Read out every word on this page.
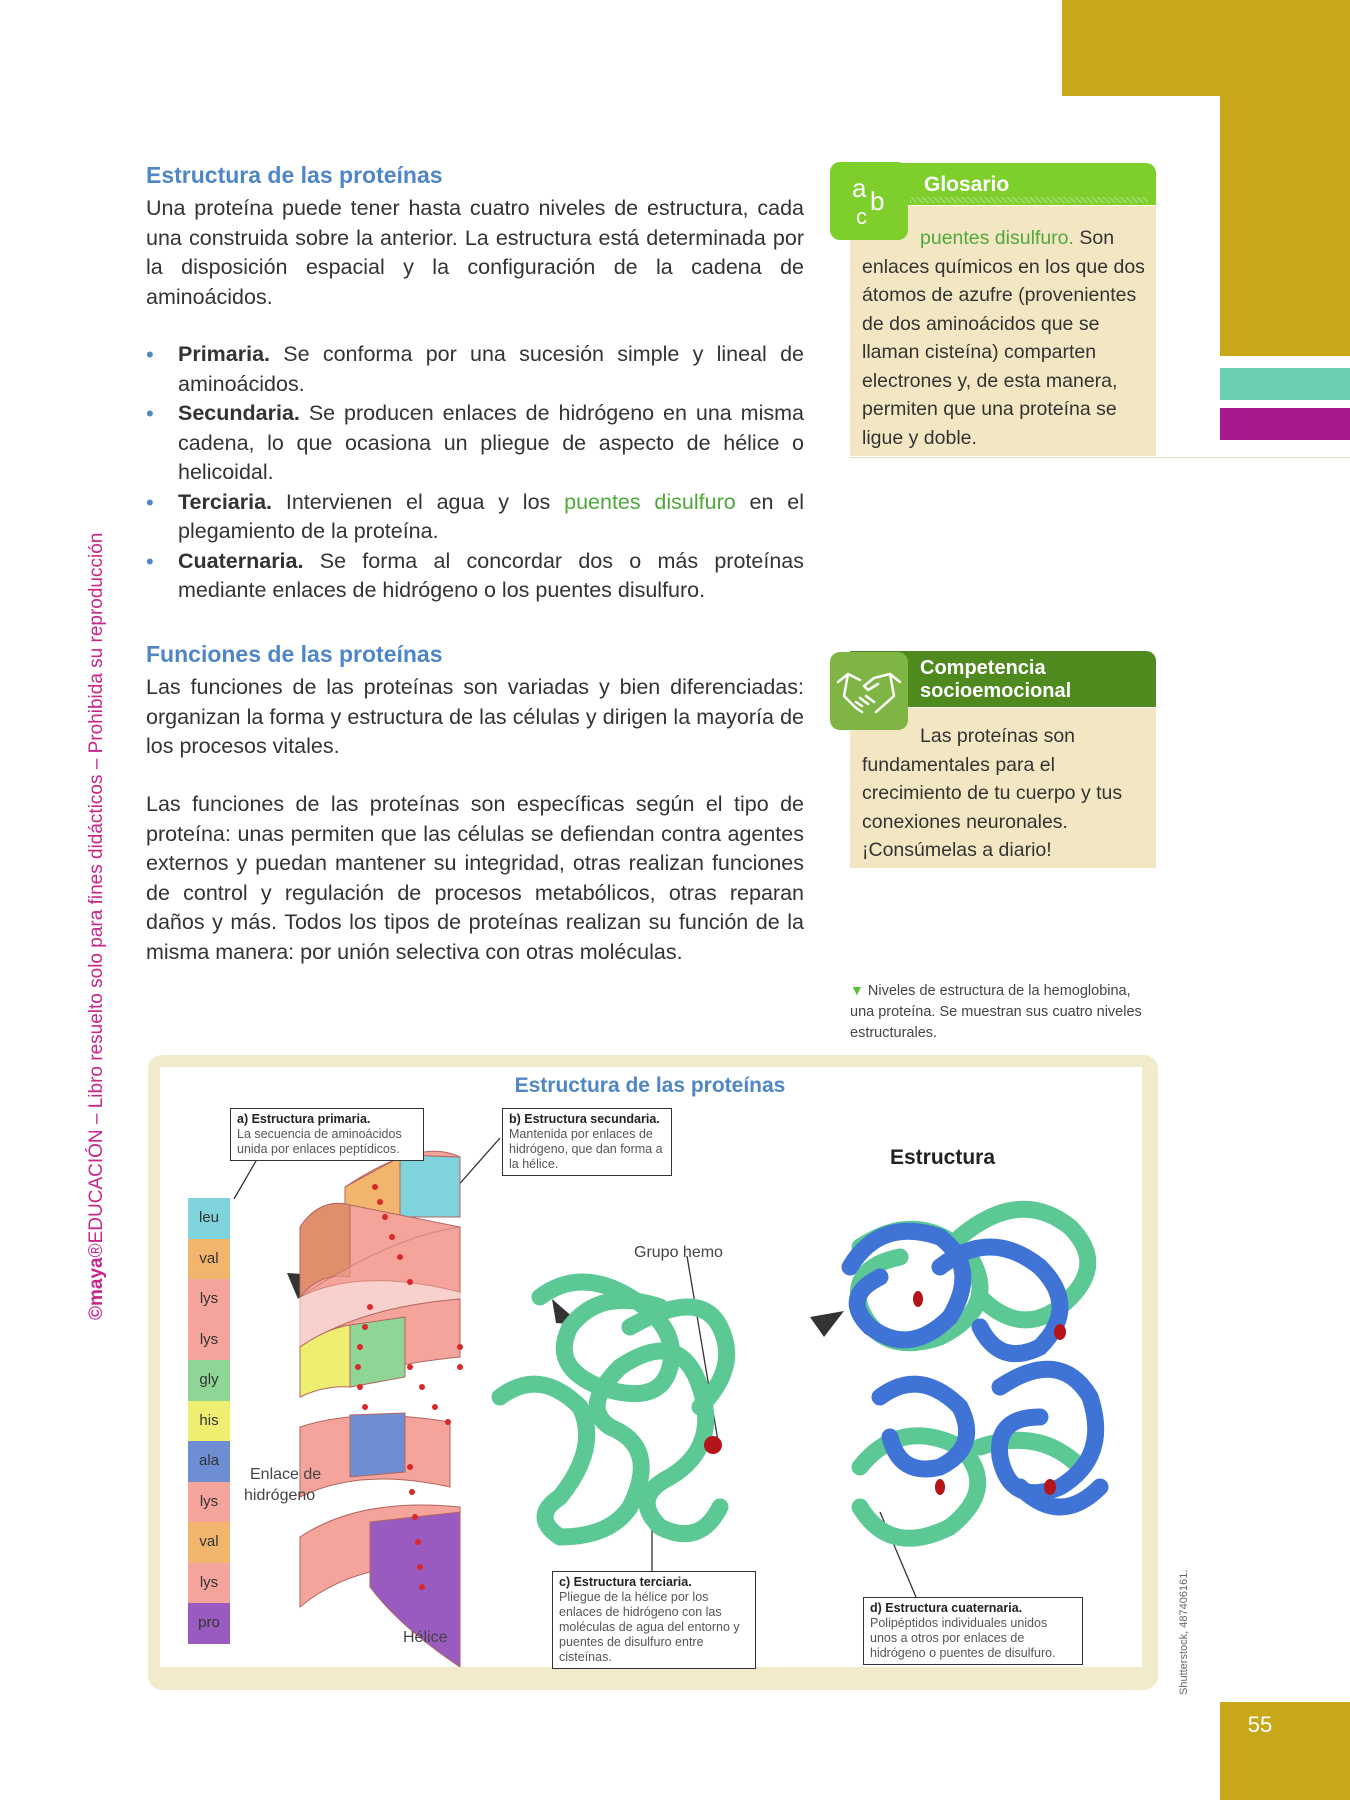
55
©maya®EDUCACIÓN – Libro resuelto solo para fines didácticos – Prohibida su reproducción
Estructura de las proteínas

Una proteína puede tener hasta cuatro niveles de estructura, cada una construida sobre la anterior. La estructura está determinada por la disposición espacial y la configuración de la cadena de aminoácidos.

• Primaria. Se conforma por una sucesión simple y lineal de aminoácidos.
• Secundaria. Se producen enlaces de hidrógeno en una misma cadena, lo que ocasiona un pliegue de aspecto de hélice o helicoidal.
• Terciaria. Intervienen el agua y los puentes disulfuro en el plegamiento de la proteína.
• Cuaternaria. Se forma al concordar dos o más proteínas mediante enlaces de hidrógeno o los puentes disulfuro.
Funciones de las proteínas

Las funciones de las proteínas son variadas y bien diferenciadas: organizan la forma y estructura de las células y dirigen la mayoría de los procesos vitales.

Las funciones de las proteínas son específicas según el tipo de proteína: unas permiten que las células se defiendan contra agentes externos y puedan mantener su integridad, otras realizan funciones de control y regulación de procesos metabólicos, otras reparan daños y más. Todos los tipos de proteínas realizan su función de la misma manera: por unión selectiva con otras moléculas.

Glosario
a b
c
puentes disulfuro. Son enlaces químicos en los que dos átomos de azufre (provenientes de dos aminoácidos que se llaman cisteína) comparten electrones y, de esta manera, permiten que una proteína se ligue y doble.
Competencia
socioemocional
Las proteínas son fundamentales para el crecimiento de tu cuerpo y tus conexiones neuronales. ¡Consúmelas a diario!
▼ Niveles de estructura de la hemoglobina, una proteína. Se muestran sus cuatro niveles estructurales.
Estructura de las proteínas
Estructura
leu
val
lys
lys
gly
his
ala
lys
val
lys
pro
a) Estructura primaria.
La secuencia de aminoácidos unida por enlaces peptídicos.
b) Estructura secundaria.
Mantenida por enlaces de hidrógeno, que dan forma a la hélice.
c) Estructura terciaria.
Pliegue de la hélice por los enlaces de hidrógeno con las moléculas de agua del entorno y puentes de disulfuro entre cisteínas.
d) Estructura cuaternaria.
Polipéptidos individuales unidos unos a otros por enlaces de hidrógeno o puentes de disulfuro.
Grupo hemo
Enlace de
hidrógeno
Hélice	Shutterstock, 487406161.
